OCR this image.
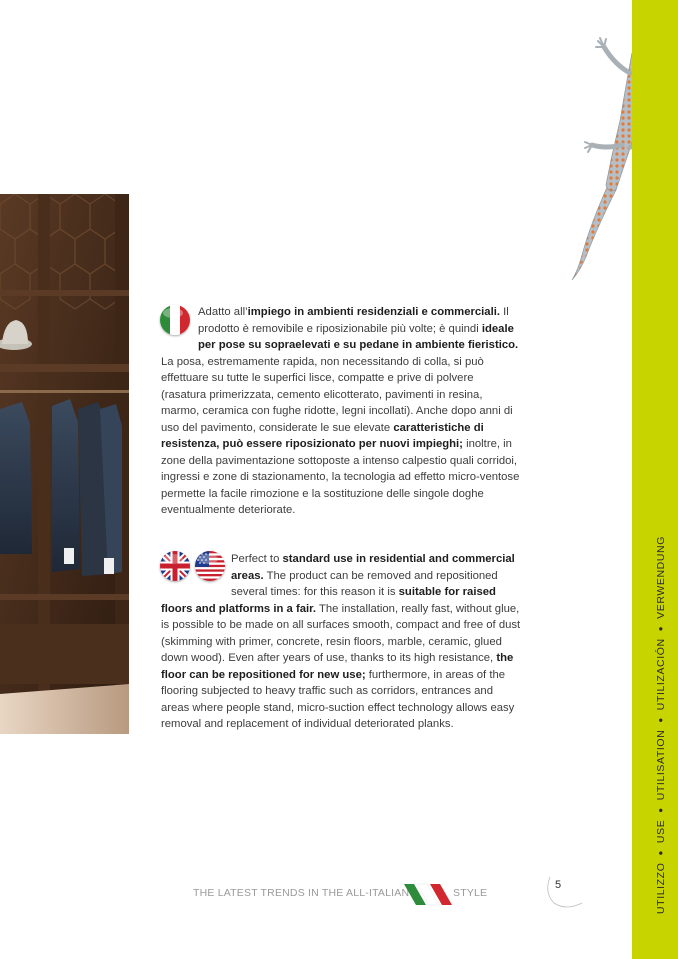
Adatto all’impiego in ambienti residenziali e commerciali. Il prodotto è removibile e riposizionabile più volte; è quindi ideale per pose su sopraelevati e su pedane in ambiente fieristico. La posa, estremamente rapida, non necessitando di colla, si può effettuare su tutte le superfici lisce, compatte e prive di polvere (rasatura primerizzata, cemento elicotterato, pavimenti in resina, marmo, ceramica con fughe ridotte, legni incollati). Anche dopo anni di uso del pavimento, considerate le sue elevate caratteristiche di resistenza, può essere riposizionato per nuovi impieghi; inoltre, in zone della pavimentazione sottoposte a intenso calpestio quali corridoi, ingressi e zone di stazionamento, la tecnologia ad effetto micro-ventose permette la facile rimozione e la sostituzione delle singole doghe eventualmente deteriorate.
Perfect to standard use in residential and commercial areas. The product can be removed and repositioned several times: for this reason it is suitable for raised floors and platforms in a fair. The installation, really fast, without glue, is possible to be made on all surfaces smooth, compact and free of dust (skimming with primer, concrete, resin floors, marble, ceramic, glued down wood). Even after years of use, thanks to its high resistance, the floor can be repositioned for new use; furthermore, in areas of the flooring subjected to heavy traffic such as corridors, entrances and areas where people stand, micro-suction effect technology allows easy removal and replacement of individual deteriorated planks.
THE LATEST TRENDS IN THE ALL-ITALIAN	STYLE
5	UTILIZZO●USE●UTILISATION●UTILIZACIÓN●VERWENDUNG
